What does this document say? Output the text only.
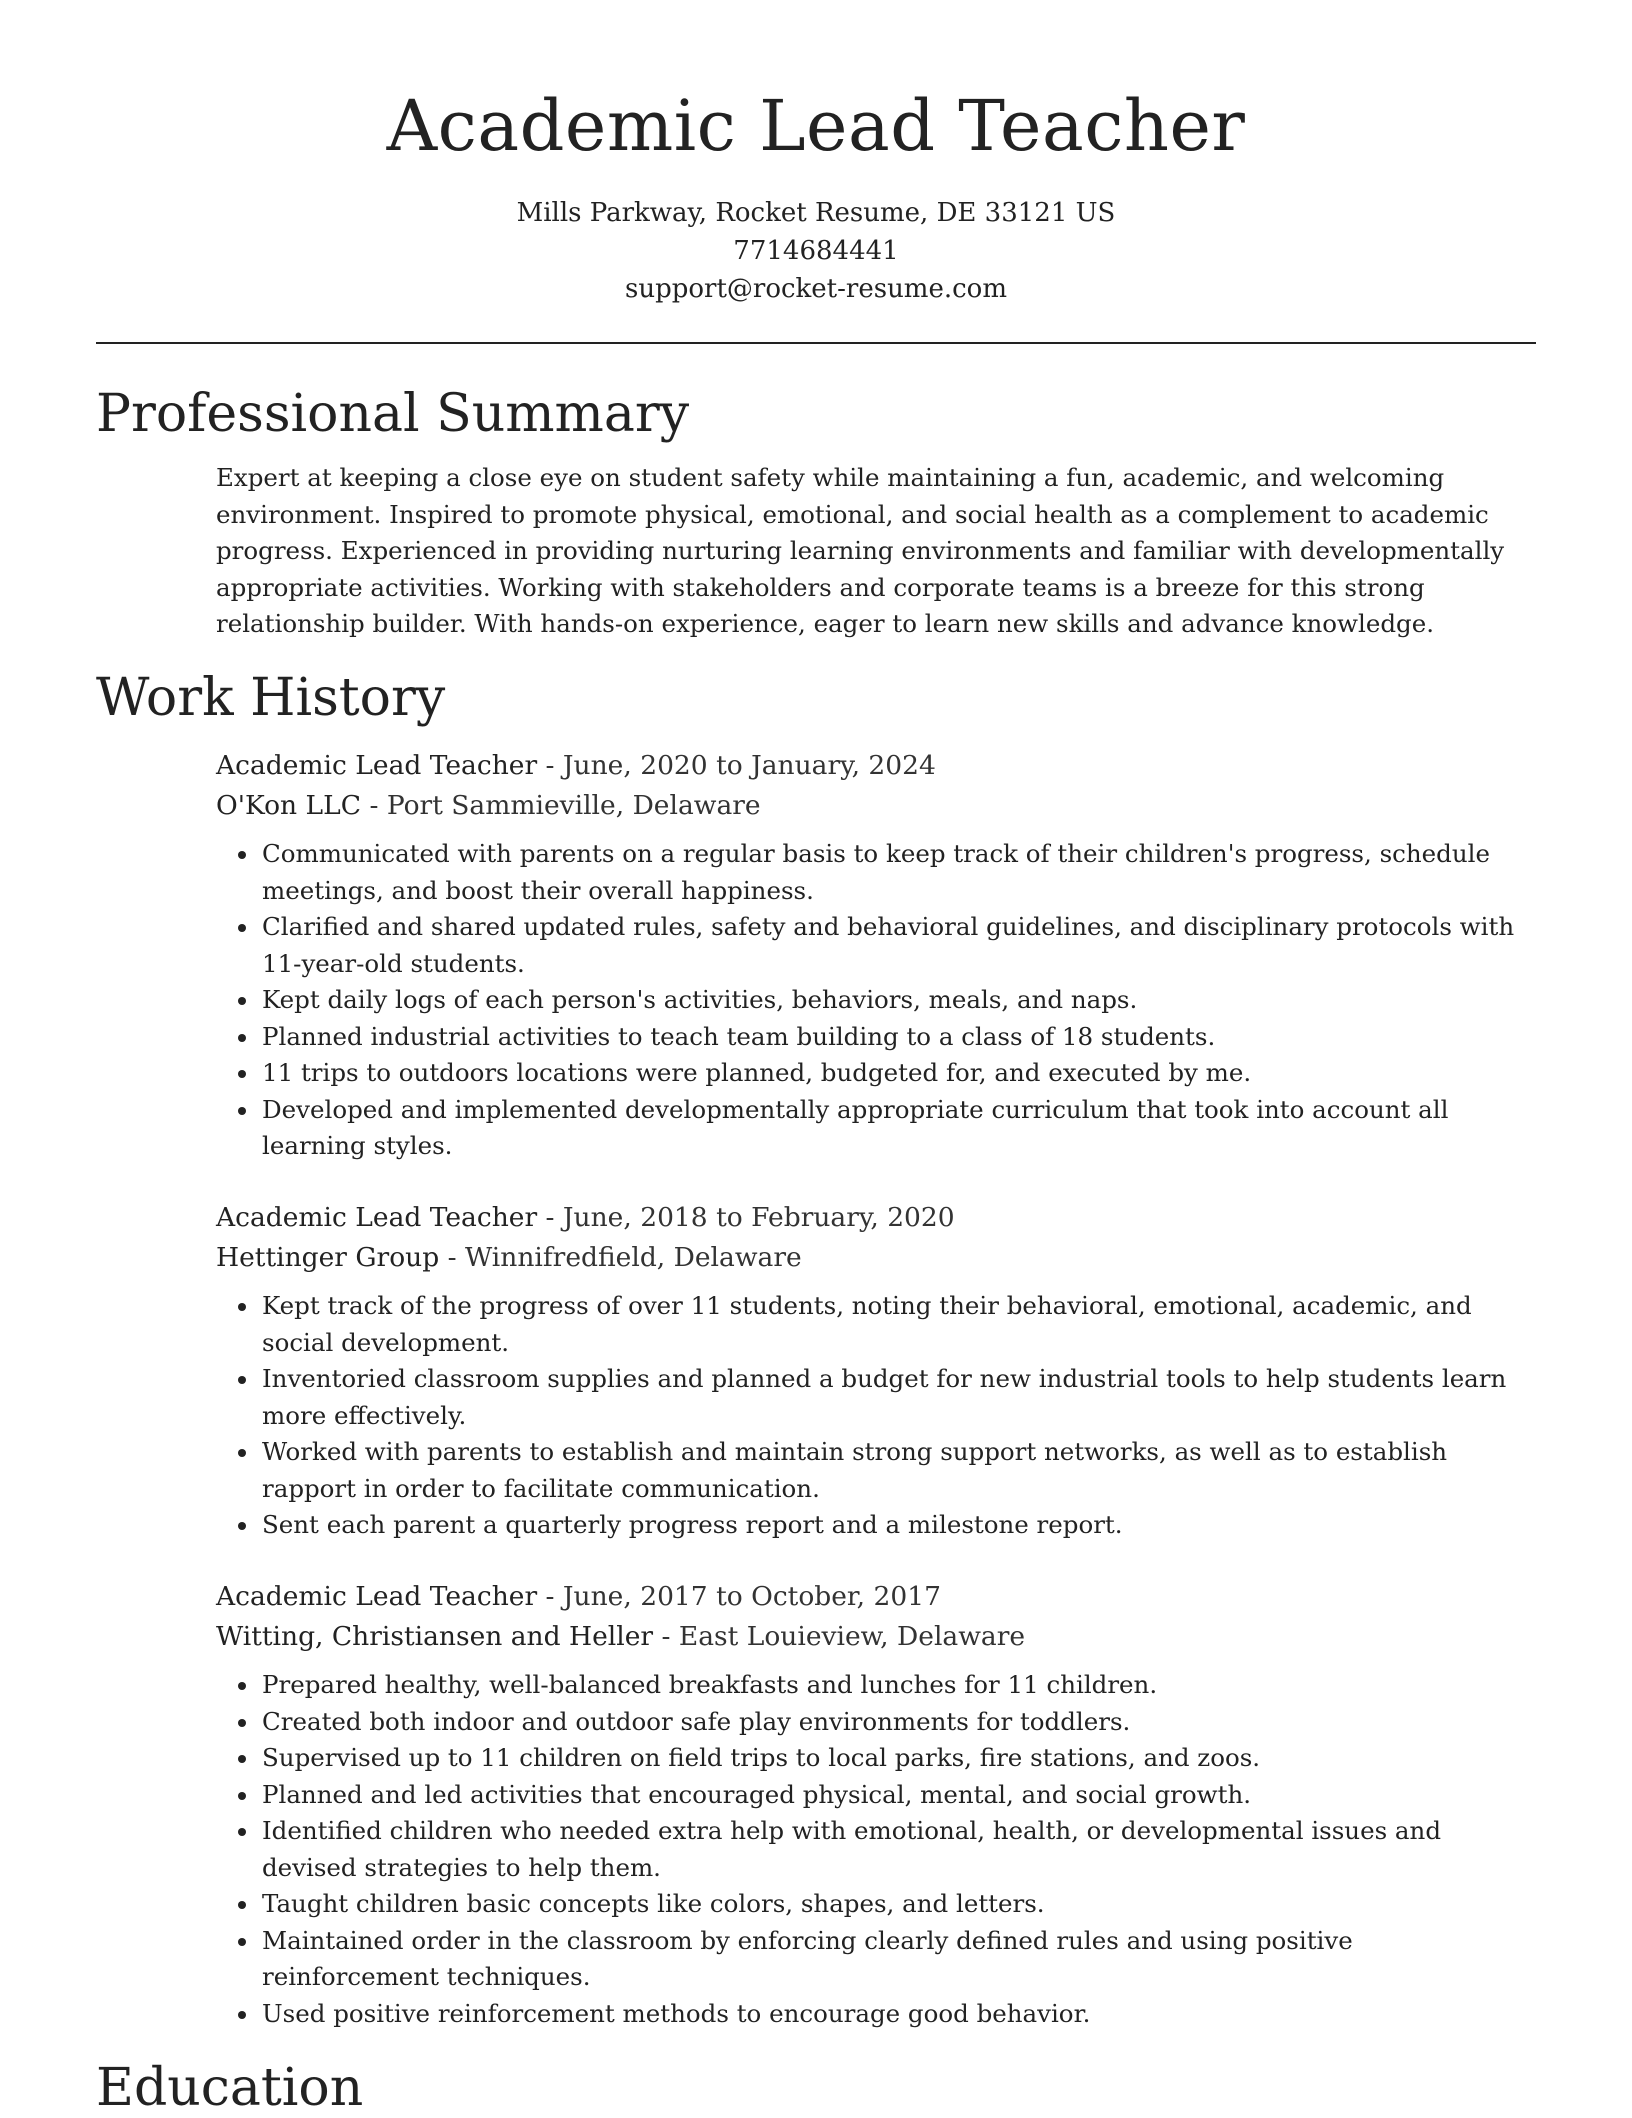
Academic Lead Teacher
Mills Parkway, Rocket Resume, DE 33121 US
7714684441
support@rocket-resume.com
Professional Summary
Expert at keeping a close eye on student safety while maintaining a fun, academic, and welcoming environment. Inspired to promote physical, emotional, and social health as a complement to academic progress. Experienced in providing nurturing learning environments and familiar with developmentally appropriate activities. Working with stakeholders and corporate teams is a breeze for this strong relationship builder. With hands-on experience, eager to learn new skills and advance knowledge.
Work History
Academic Lead Teacher - June, 2020 to January, 2024
O'Kon LLC - Port Sammieville, Delaware
• Communicated with parents on a regular basis to keep track of their children's progress, schedule meetings, and boost their overall happiness.
• Clarified and shared updated rules, safety and behavioral guidelines, and disciplinary protocols with 11-year-old students.
• Kept daily logs of each person's activities, behaviors, meals, and naps.
• Planned industrial activities to teach team building to a class of 18 students.
• 11 trips to outdoors locations were planned, budgeted for, and executed by me.
• Developed and implemented developmentally appropriate curriculum that took into account all learning styles.
Academic Lead Teacher - June, 2018 to February, 2020
Hettinger Group - Winnifredfield, Delaware
• Kept track of the progress of over 11 students, noting their behavioral, emotional, academic, and social development.
• Inventoried classroom supplies and planned a budget for new industrial tools to help students learn more effectively.
• Worked with parents to establish and maintain strong support networks, as well as to establish rapport in order to facilitate communication.
• Sent each parent a quarterly progress report and a milestone report.
Academic Lead Teacher - June, 2017 to October, 2017
Witting, Christiansen and Heller - East Louieview, Delaware
• Prepared healthy, well-balanced breakfasts and lunches for 11 children.
• Created both indoor and outdoor safe play environments for toddlers.
• Supervised up to 11 children on field trips to local parks, fire stations, and zoos.
• Planned and led activities that encouraged physical, mental, and social growth.
• Identified children who needed extra help with emotional, health, or developmental issues and devised strategies to help them.
• Taught children basic concepts like colors, shapes, and letters.
• Maintained order in the classroom by enforcing clearly defined rules and using positive reinforcement techniques.
• Used positive reinforcement methods to encourage good behavior.
Education
